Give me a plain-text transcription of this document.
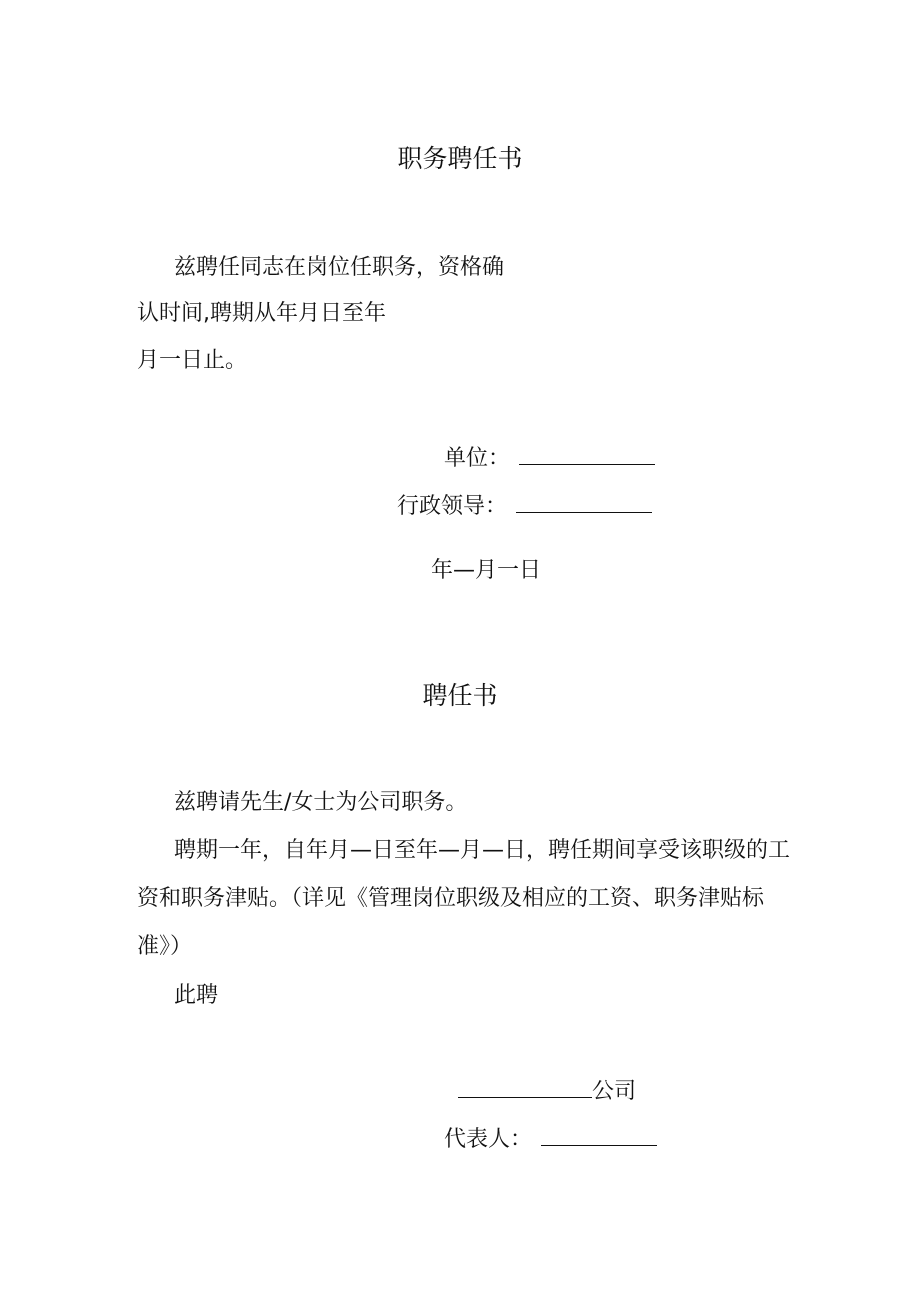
职务聘任书
兹聘任同志在岗位任职务，资格确
认时间,聘期从年月日至年
月一日止。
单位：
行政领导：
年—月一日
聘任书
兹聘请先生/女士为公司职务。
聘期一年，自年月—日至年—月—日，聘任期间享受该职级的工
资和职务津贴。（详见《管理岗位职级及相应的工资、职务津贴标
准》）
此聘
公司
代表人：
